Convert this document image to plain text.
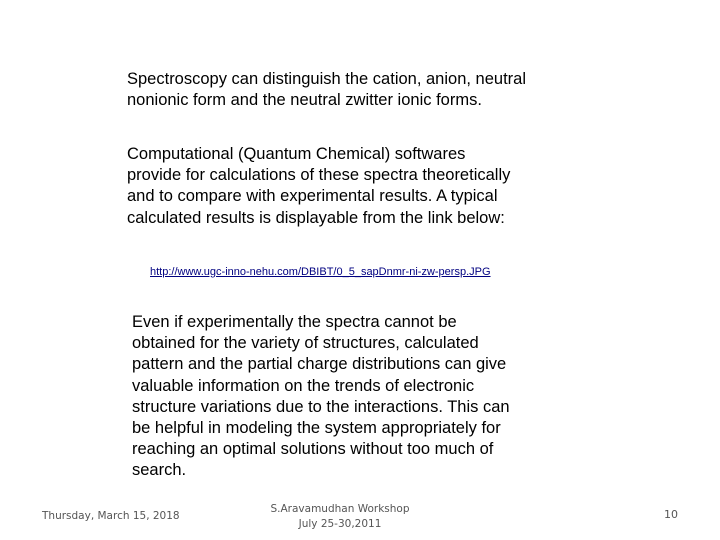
Spectroscopy can distinguish the cation, anion, neutral
nonionic form and the neutral zwitter ionic forms.
Computational (Quantum Chemical) softwares
provide for calculations of these spectra theoretically
and to compare with experimental results. A typical
calculated results is displayable from the link below:
http://www.ugc-inno-nehu.com/DBIBT/0_5_sapDnmr-ni-zw-persp.JPG
Even if experimentally the spectra cannot be
obtained for the variety of structures, calculated
pattern and the partial charge distributions can give
valuable information on the trends of electronic
structure variations due to the interactions. This can
be helpful in modeling the system appropriately for
reaching an optimal solutions without too much of
search.
Thursday, March 15, 2018
S.Aravamudhan Workshop
July 25-30,2011
10
